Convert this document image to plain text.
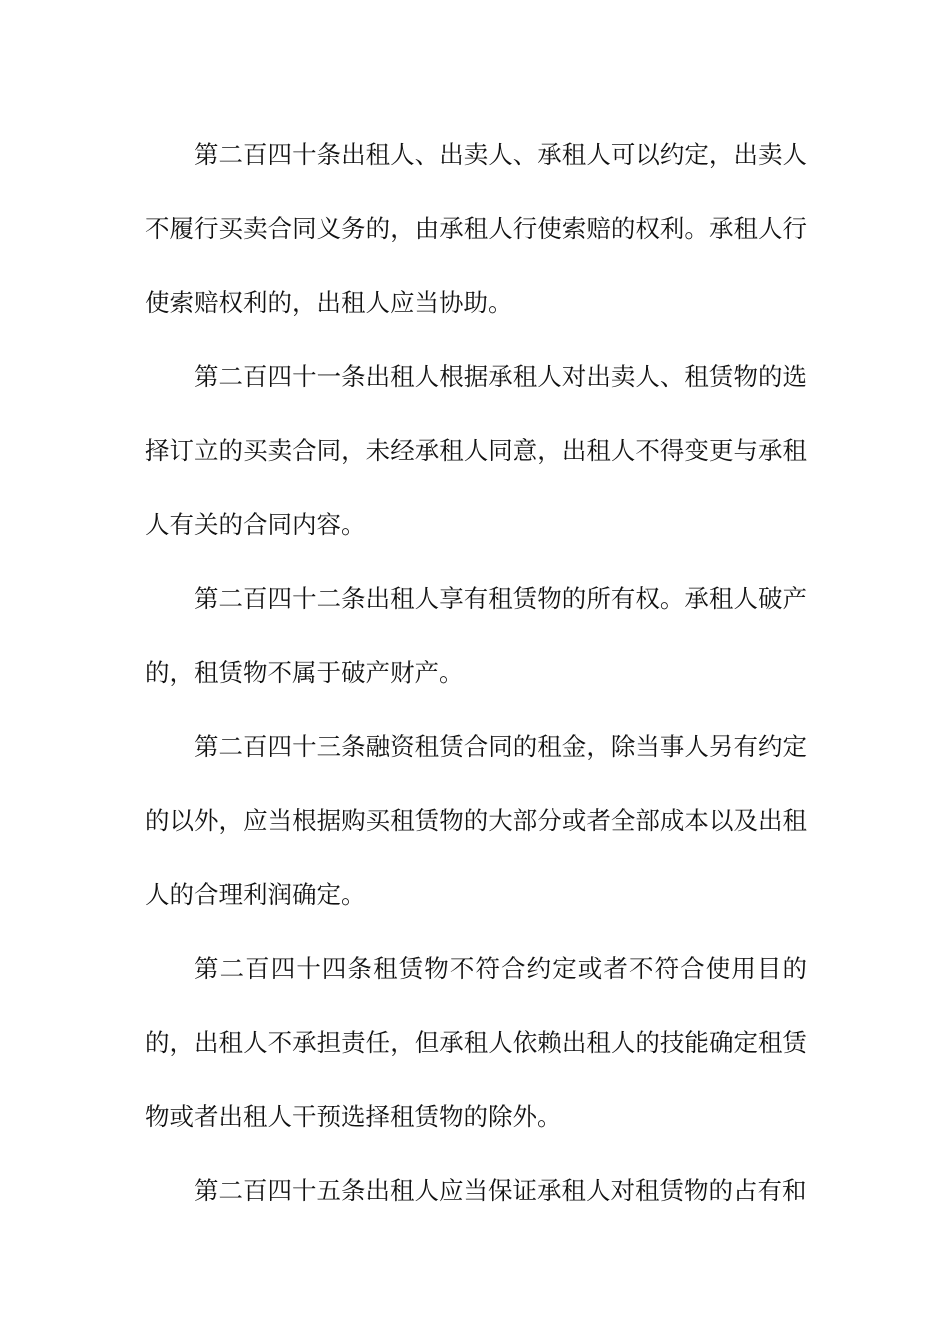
第二百四十条出租人、出卖人、承租人可以约定，出卖人不履行买卖合同义务的，由承租人行使索赔的权利。承租人行使索赔权利的，出租人应当协助。

第二百四十一条出租人根据承租人对出卖人、租赁物的选择订立的买卖合同，未经承租人同意，出租人不得变更与承租人有关的合同内容。

第二百四十二条出租人享有租赁物的所有权。承租人破产的，租赁物不属于破产财产。

第二百四十三条融资租赁合同的租金，除当事人另有约定的以外，应当根据购买租赁物的大部分或者全部成本以及出租人的合理利润确定。

第二百四十四条租赁物不符合约定或者不符合使用目的的，出租人不承担责任，但承租人依赖出租人的技能确定租赁物或者出租人干预选择租赁物的除外。

第二百四十五条出租人应当保证承租人对租赁物的占有和
